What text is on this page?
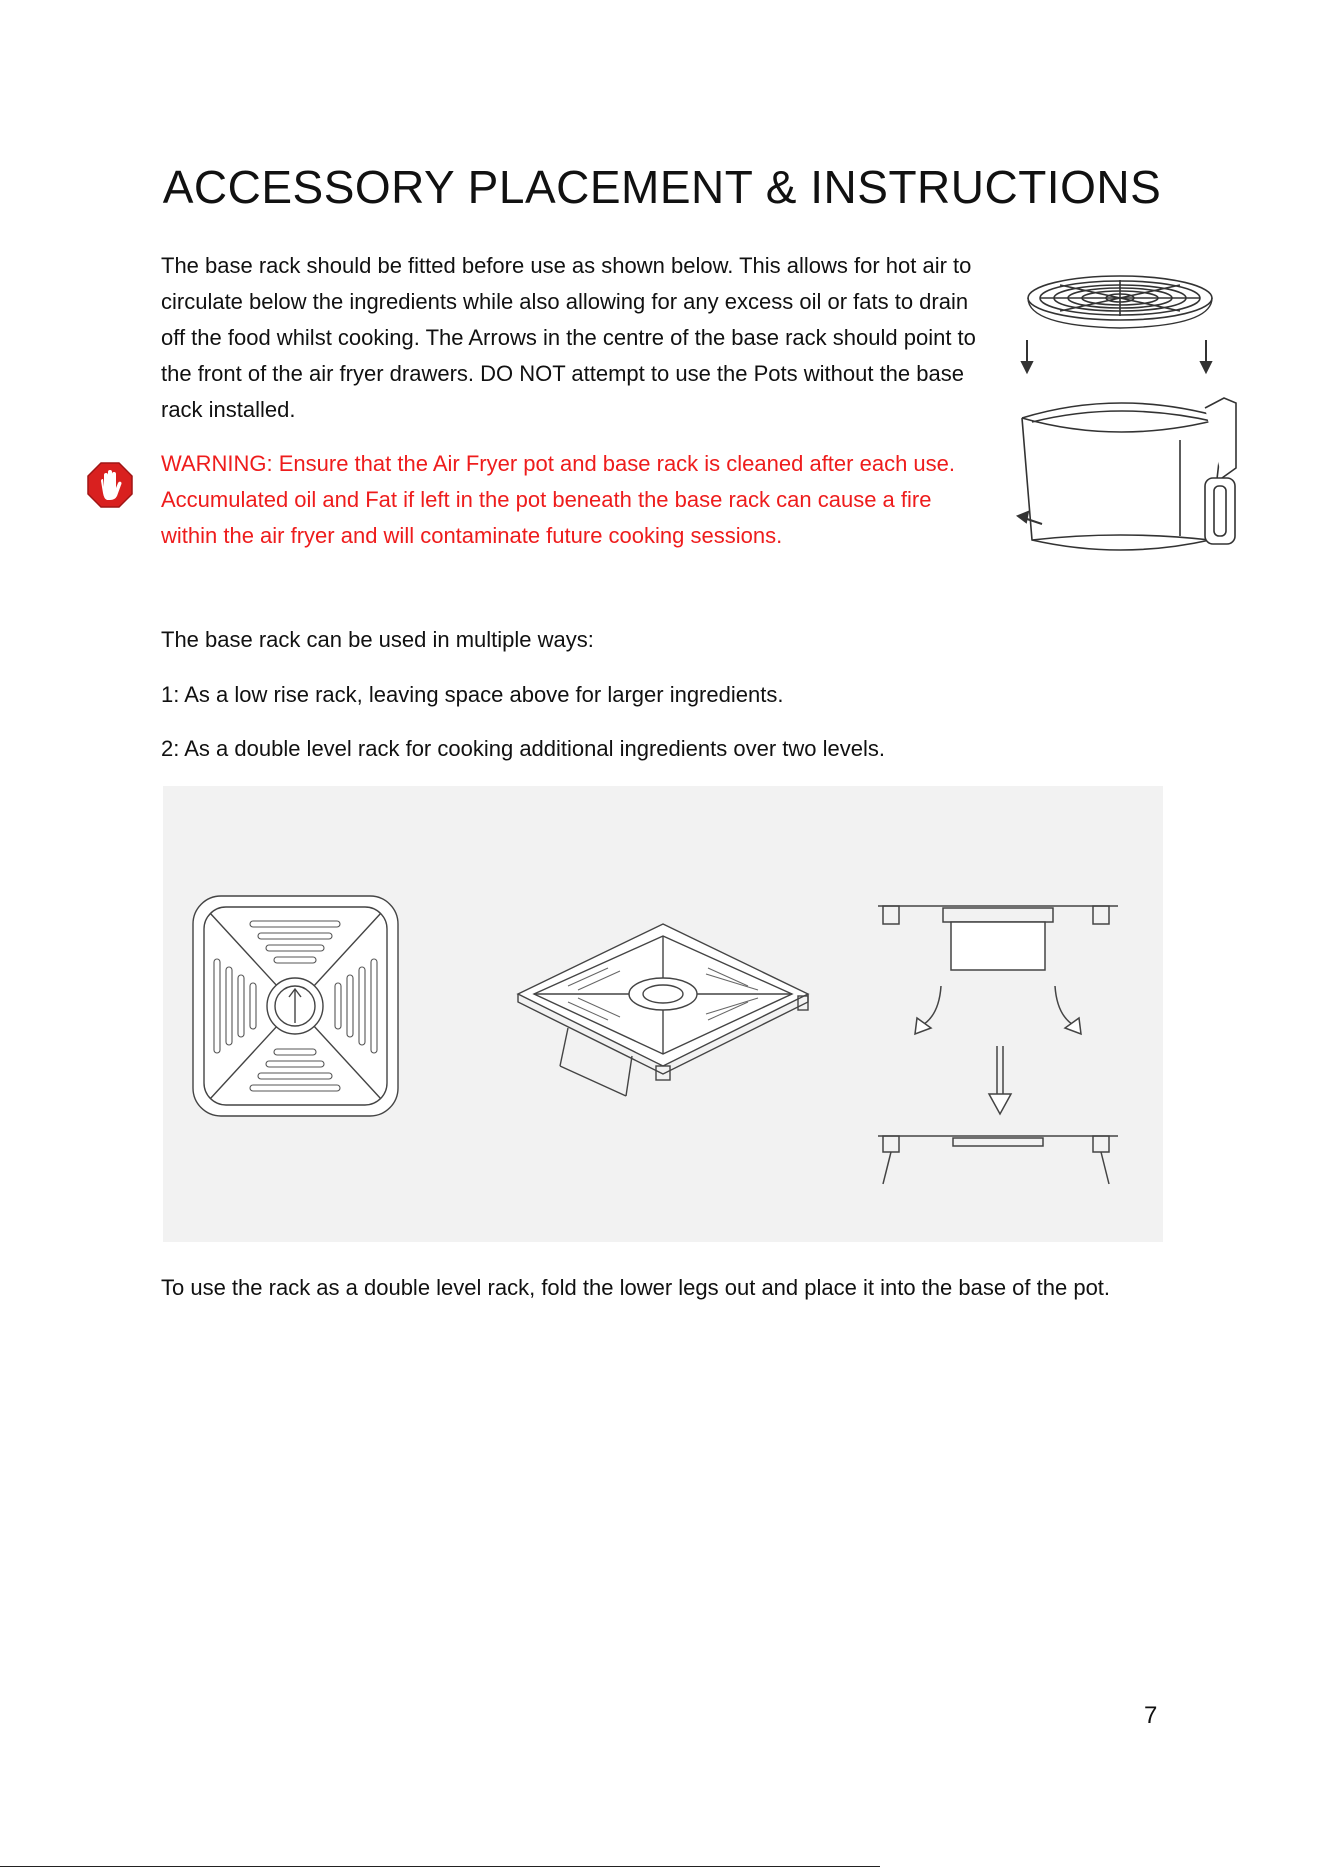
ACCESSORY PLACEMENT & INSTRUCTIONS

The base rack should be fitted before use as shown below. This allows for hot air to circulate below the ingredients while also allowing for any excess oil or fats to drain off the food whilst cooking. The Arrows in the centre of the base rack should point to the front of the air fryer drawers. DO NOT attempt to use the Pots without the base rack installed.

WARNING: Ensure that the Air Fryer pot and base rack is cleaned after each use. Accumulated oil and Fat if left in the pot beneath the base rack can cause a fire within the air fryer and will contaminate future cooking sessions.

The base rack can be used in multiple ways:

1: As a low rise rack, leaving space above for larger ingredients.

2: As a double level rack for cooking additional ingredients over two levels.

To use the rack as a double level rack, fold the lower legs out and place it into the base of the pot.

7
